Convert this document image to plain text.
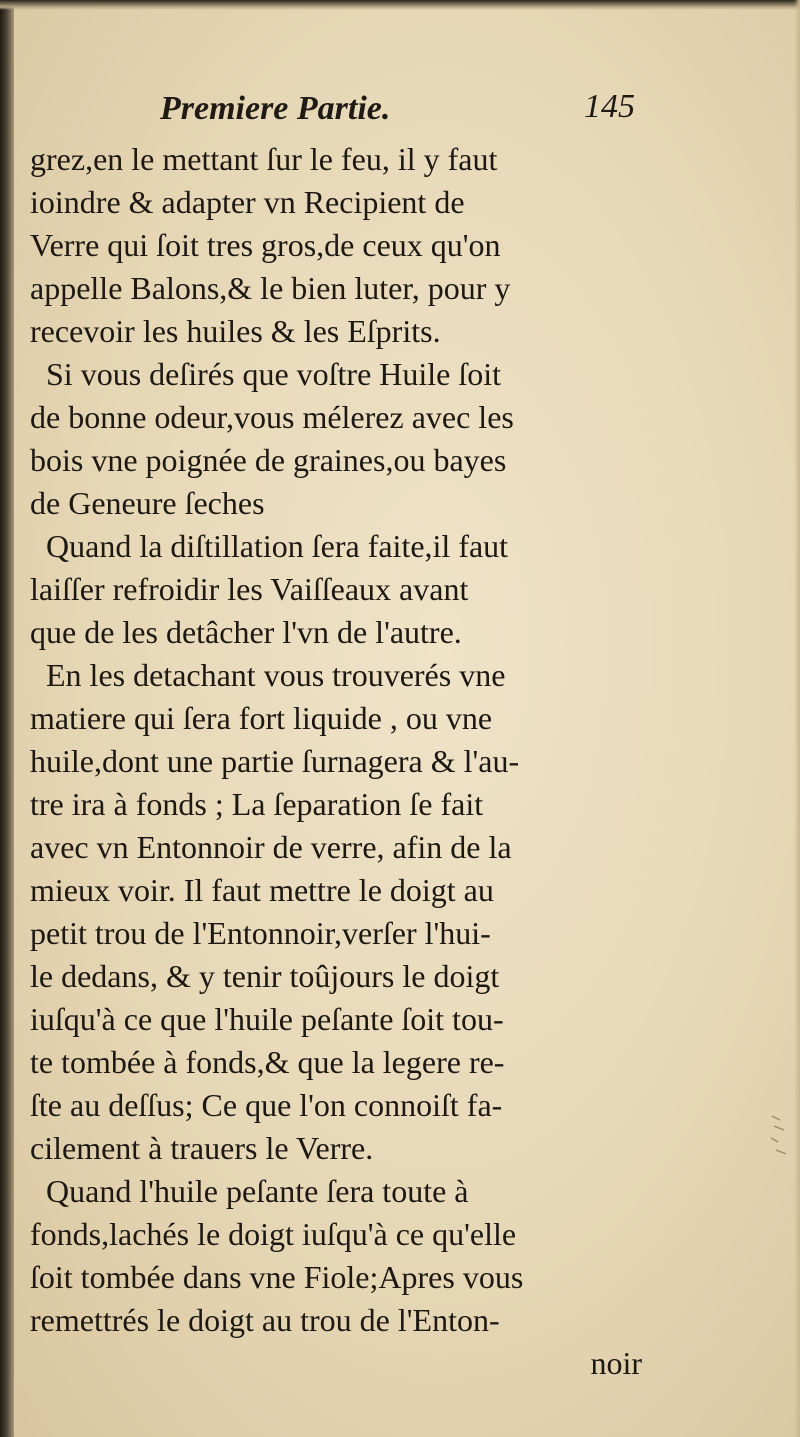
Premiere Partie.	145
grez,en le mettant ſur le feu, il y faut
ioindre & adapter vn Recipient de
Verre qui ſoit tres gros,de ceux qu'on
appelle Balons,& le bien luter, pour y
recevoir les huiles & les Eſprits.
Si vous deſirés que voſtre Huile ſoit
de bonne odeur,vous mélerez avec les
bois vne poignée de graines,ou bayes
de Geneure ſeches
Quand la diſtillation ſera faite,il faut
laiſſer refroidir les Vaiſſeaux avant
que de les detâcher l'vn de l'autre.
En les detachant vous trouverés vne
matiere qui ſera fort liquide , ou vne
huile,dont une partie ſurnagera & l'au-
tre ira à fonds ; La ſeparation ſe fait
avec vn Entonnoir de verre, afin de la
mieux voir. Il faut mettre le doigt au
petit trou de l'Entonnoir,verſer l'hui-
le dedans, & y tenir toûjours le doigt
iuſqu'à ce que l'huile peſante ſoit tou-
te tombée à fonds,& que la legere re-
ſte au deſſus; Ce que l'on connoiſt fa-
cilement à trauers le Verre.
Quand l'huile peſante ſera toute à
fonds,lachés le doigt iuſqu'à ce qu'elle
ſoit tombée dans vne Fiole;Apres vous
remettrés le doigt au trou de l'Enton-
noir
